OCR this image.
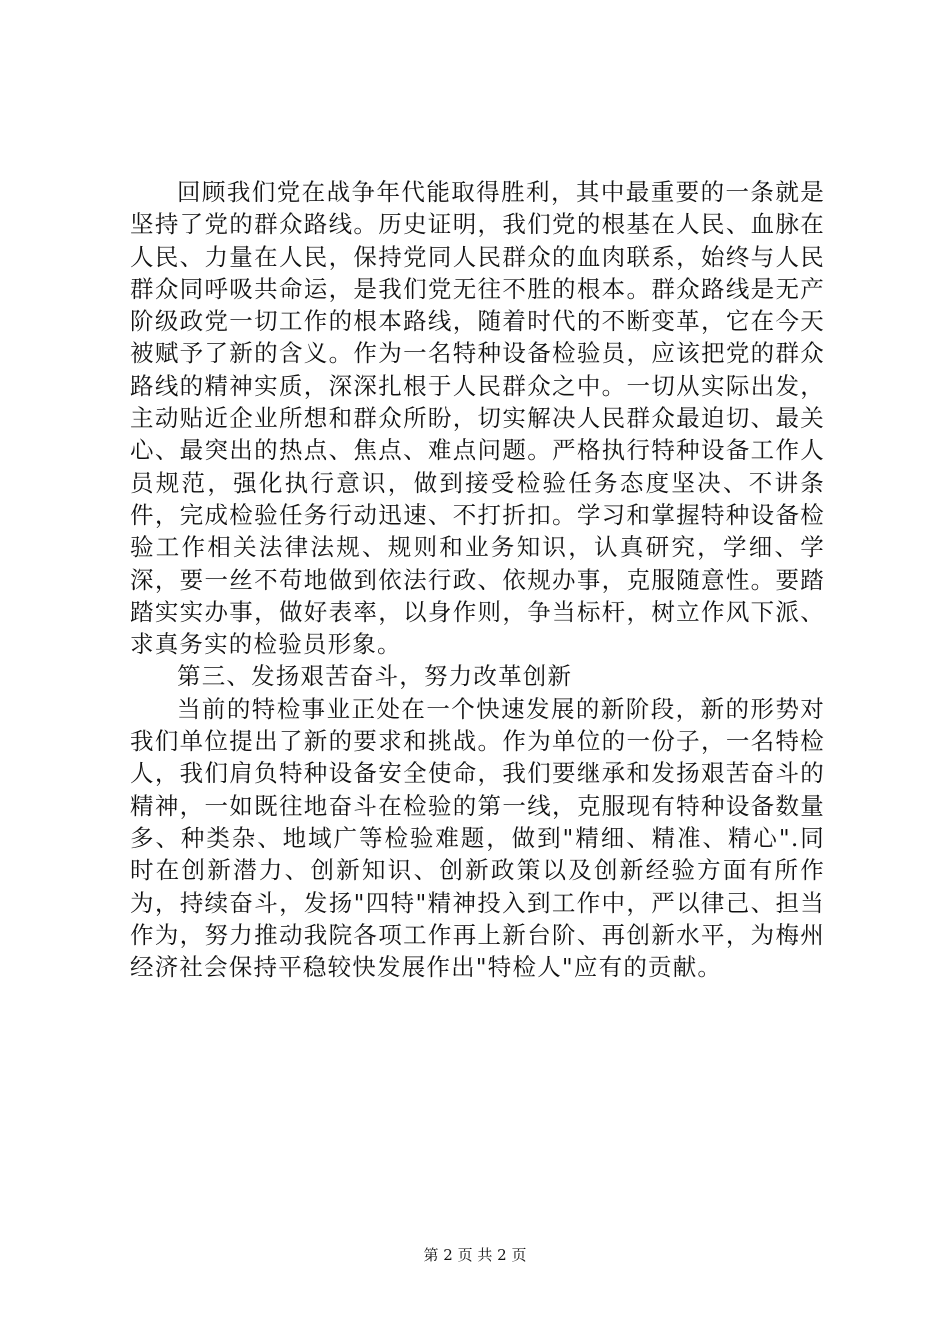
回顾我们党在战争年代能取得胜利，其中最重要的一条就是坚持了党的群众路线。历史证明，我们党的根基在人民、血脉在人民、力量在人民，保持党同人民群众的血肉联系，始终与人民群众同呼吸共命运，是我们党无往不胜的根本。群众路线是无产阶级政党一切工作的根本路线，随着时代的不断变革，它在今天被赋予了新的含义。作为一名特种设备检验员，应该把党的群众路线的精神实质，深深扎根于人民群众之中。一切从实际出发，主动贴近企业所想和群众所盼，切实解决人民群众最迫切、最关心、最突出的热点、焦点、难点问题。严格执行特种设备工作人员规范，强化执行意识，做到接受检验任务态度坚决、不讲条件，完成检验任务行动迅速、不打折扣。学习和掌握特种设备检验工作相关法律法规、规则和业务知识，认真研究，学细、学深，要一丝不苟地做到依法行政、依规办事，克服随意性。要踏踏实实办事，做好表率，以身作则，争当标杆，树立作风下派、求真务实的检验员形象。

第三、发扬艰苦奋斗，努力改革创新

当前的特检事业正处在一个快速发展的新阶段，新的形势对我们单位提出了新的要求和挑战。作为单位的一份子，一名特检人，我们肩负特种设备安全使命，我们要继承和发扬艰苦奋斗的精神，一如既往地奋斗在检验的第一线，克服现有特种设备数量多、种类杂、地域广等检验难题，做到"精细、精准、精心".同时在创新潜力、创新知识、创新政策以及创新经验方面有所作为，持续奋斗，发扬"四特"精神投入到工作中，严以律己、担当作为，努力推动我院各项工作再上新台阶、再创新水平，为梅州经济社会保持平稳较快发展作出"特检人"应有的贡献。

第 2 页 共 2 页
